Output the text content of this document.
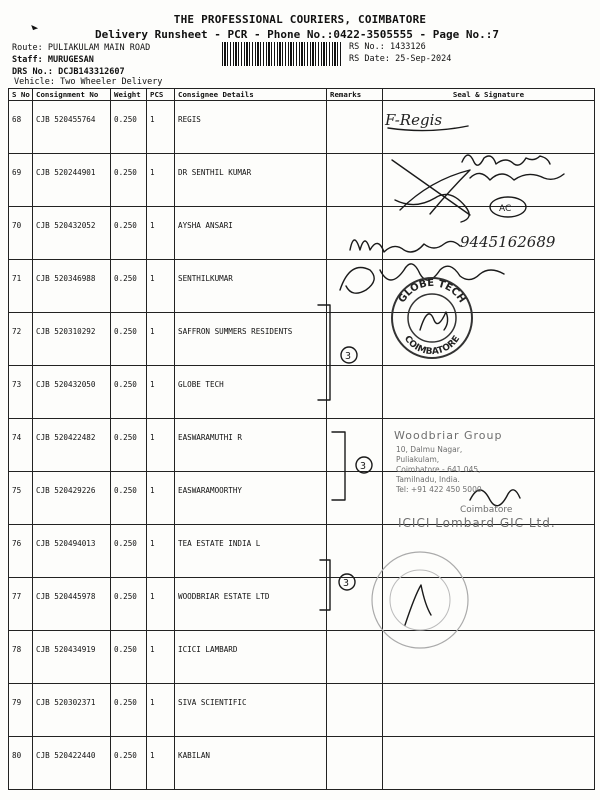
◣
THE PROFESSIONAL COURIERS, COIMBATORE
Delivery Runsheet - PCR - Phone No.:0422-3505555 - Page No.:7
Route: PULIAKULAM MAIN ROAD
Staff: MURUGESAN
DRS No.: DCJB143312607
Vehicle: Two Wheeler Delivery
RS No.: 1433126
RS Date: 25-Sep-2024
S No	Consignment No	Weight	PCS	Consignee Details	Remarks	Seal & Signature
68	CJB 520455764	0.250	1	REGIS		
69	CJB 520244901	0.250	1	DR SENTHIL KUMAR		
70	CJB 520432052	0.250	1	AYSHA ANSARI		
71	CJB 520346988	0.250	1	SENTHILKUMAR		
72	CJB 520310292	0.250	1	SAFFRON SUMMERS RESIDENTS		
73	CJB 520432050	0.250	1	GLOBE TECH		
74	CJB 520422482	0.250	1	EASWARAMUTHI R		
75	CJB 520429226	0.250	1	EASWARAMOORTHY		
76	CJB 520494013	0.250	1	TEA ESTATE INDIA L		
77	CJB 520445978	0.250	1	WOODBRIAR ESTATE LTD		
78	CJB 520434919	0.250	1	ICICI LAMBARD		
79	CJB 520302371	0.250	1	SIVA SCIENTIFIC		
80	CJB 520422440	0.250	1	KABILAN		
F-Regis
AC
9445162689
GLOBE TECH
COIMBATORE
3
3
3
Woodbriar Group
10, Dalmu Nagar,
Puliakulam,
Coimbatore - 641 045,
Tamilnadu, India.
Tel: +91 422 450 5000
Coimbatore
ICICI Lombard GIC Ltd.
